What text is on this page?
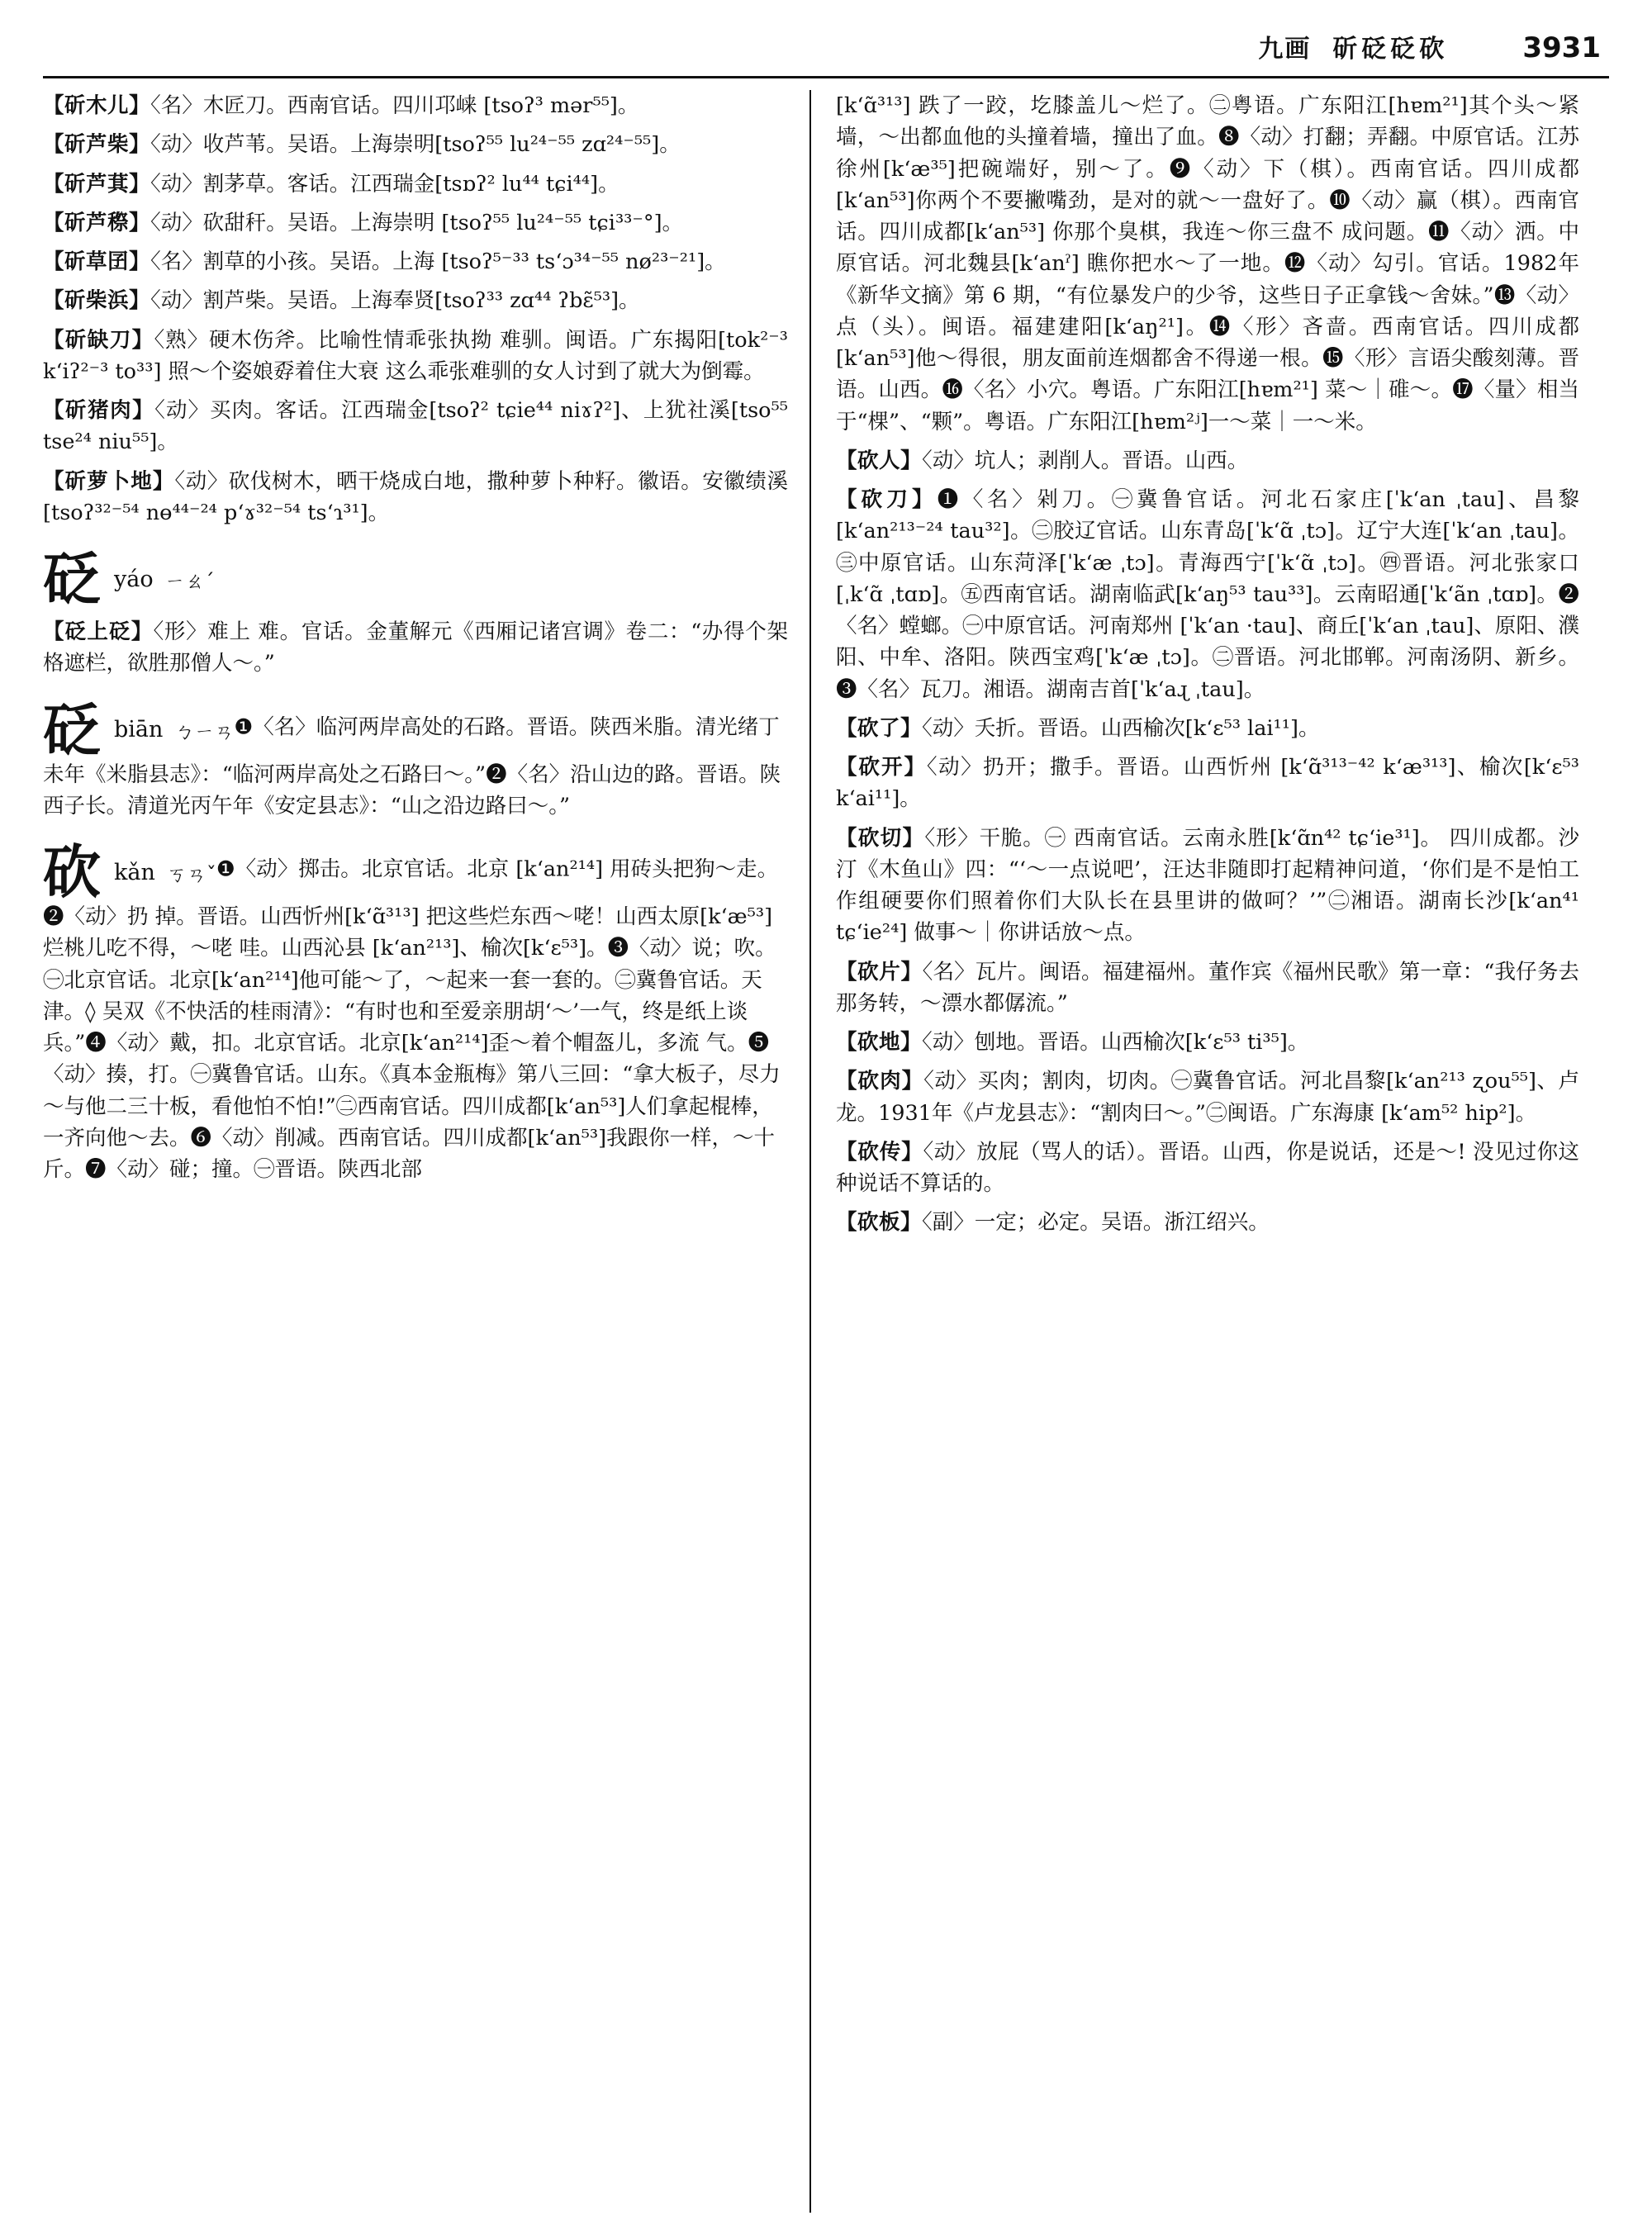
九画 斫砭砭砍	3931
【斫木儿】〈名〉木匠刀。西南官话。四川邛崃 [tsoʔ³ mər⁵⁵]。
【斫芦柴】〈动〉收芦苇。吴语。上海崇明[tsoʔ⁵⁵ lu²⁴⁻⁵⁵ zɑ²⁴⁻⁵⁵]。
【斫芦萁】〈动〉割茅草。客话。江西瑞金[tsɒʔ² lu⁴⁴ tɕi⁴⁴]。
【斫芦穄】〈动〉砍甜秆。吴语。上海崇明 [tsoʔ⁵⁵ lu²⁴⁻⁵⁵ tɕi³³⁻°]。
【斫草囝】〈名〉割草的小孩。吴语。上海 [tsoʔ⁵⁻³³ tsʻɔ³⁴⁻⁵⁵ nø²³⁻²¹]。
【斫柴浜】〈动〉割芦柴。吴语。上海奉贤[tsoʔ³³ zɑ⁴⁴ ʔbɛ̃⁵³]。
【斫缺刀】〈熟〉硬木伤斧。比喻性情乖张执拗 难驯。闽语。广东揭阳[tok²⁻³ kʻiʔ²⁻³ to³³] 照～个姿娘孬着住大衰 这么乖张难驯的女人讨到了就大为倒霉。
【斫猪肉】〈动〉买肉。客话。江西瑞金[tsoʔ² tɕie⁴⁴ niɤʔ²]、上犹社溪[tso⁵⁵ tse²⁴ niu⁵⁵]。
【斫萝卜地】〈动〉砍伐树木，晒干烧成白地，撒种萝卜种籽。徽语。安徽绩溪[tsoʔ³²⁻⁵⁴ nɵ⁴⁴⁻²⁴ pʻɤ³²⁻⁵⁴ tsʻɿ³¹]。
砭yáo ㄧㄠˊ
【砭上砭】〈形〉难上 难。官话。金董解元《西厢记诸宫调》卷二：“办得个架格遮栏，欲胜那僧人～。”
砭biān ㄅㄧㄢ❶〈名〉临河两岸高处的石路。晋语。陕西米脂。清光绪丁未年《米脂县志》：“临河两岸高处之石路曰～。”❷〈名〉沿山边的路。晋语。陕西子长。清道光丙午年《安定县志》：“山之沿边路曰～。”
砍kǎn ㄎㄢˇ❶〈动〉掷击。北京官话。北京 [kʻan²¹⁴] 用砖头把狗～走。❷〈动〉扔 掉。晋语。山西忻州[kʻɑ̃³¹³] 把这些烂东西～咾！山西太原[kʻæ⁵³] 烂桃儿吃不得，～咾 哇。山西沁县 [kʻan²¹³]、榆次[kʻɛ⁵³]。❸〈动〉说；吹。㊀北京官话。北京[kʻan²¹⁴]他可能～了，～起来一套一套的。㊁冀鲁官话。天津。◊ 吴双《不快活的桂雨清》：“有时也和至爱亲朋胡‘～’一气，终是纸上谈兵。”❹〈动〉戴，扣。北京官话。北京[kʻan²¹⁴]歪～着个帽盔儿，多流 气。❺〈动〉揍，打。㊀冀鲁官话。山东。《真本金瓶梅》第八三回：“拿大板子，尽力～与他二三十板，看他怕不怕!”㊁西南官话。四川成都[kʻan⁵³]人们拿起棍棒，一齐向他～去。❻〈动〉削减。西南官话。四川成都[kʻan⁵³]我跟你一样，～十斤。❼〈动〉碰；撞。㊀晋语。陕西北部
[kʻɑ̃³¹³] 跌了一跤，圪膝盖儿～烂了。㊁粤语。广东阳江[hɐm²¹]其个头～紧墙，～出都血他的头撞着墙，撞出了血。❽〈动〉打翻；弄翻。中原官话。江苏徐州[kʻæ³⁵]把碗端好，别～了。❾〈动〉下（棋）。西南官话。四川成都[kʻan⁵³]你两个不要撇嘴劲，是对的就～一盘好了。❿〈动〉赢（棋）。西南官话。四川成都[kʻan⁵³] 你那个臭棋，我连～你三盘不 成问题。⓫〈动〉洒。中原官话。河北魏县[kʻanˀ] 瞧你把水～了一地。⓬〈动〉勾引。官话。1982年《新华文摘》第 6 期，“有位暴发户的少爷，这些日子正拿钱～舍妹。”⓭〈动〉点（头）。闽语。福建建阳[kʻaŋ²¹]。⓮〈形〉吝啬。西南官话。四川成都[kʻan⁵³]他～得很，朋友面前连烟都舍不得递一根。⓯〈形〉言语尖酸刻薄。晋语。山西。⓰〈名〉小穴。粤语。广东阳江[hɐm²¹] 菜～｜碓～。⓱〈量〉相当于“棵”、“颗”。粤语。广东阳江[hɐm²ʲ]一～菜｜一～米。
【砍人】〈动〉坑人；剥削人。晋语。山西。
【砍刀】❶〈名〉剁刀。㊀冀鲁官话。河北石家庄[ˈkʻan ˌtau]、昌黎[kʻan²¹³⁻²⁴ tau³²]。㊁胶辽官话。山东青岛[ˈkʻɑ̃ ˌtɔ]。辽宁大连[ˈkʻan ˌtau]。㊂中原官话。山东菏泽[ˈkʻæ ˌtɔ]。青海西宁[ˈkʻɑ̃ ˌtɔ]。㊃晋语。河北张家口[ˌkʻɑ̃ ˌtɑɒ]。㊄西南官话。湖南临武[kʻaŋ⁵³ tau³³]。云南昭通[ˈkʻãn ˌtɑɒ]。❷〈名〉螳螂。㊀中原官话。河南郑州 [ˈkʻan ·tau]、商丘[ˈkʻan ˌtau]、原阳、濮阳、中牟、洛阳。陕西宝鸡[ˈkʻæ ˌtɔ]。㊁晋语。河北邯郸。河南汤阴、新乡。❸〈名〉瓦刀。湘语。湖南吉首[ˈkʻaɻ ˌtau]。
【砍了】〈动〉夭折。晋语。山西榆次[kʻɛ⁵³ lai¹¹]。
【砍开】〈动〉扔开；撒手。晋语。山西忻州 [kʻɑ̃³¹³⁻⁴² kʻæ³¹³]、榆次[kʻɛ⁵³ kʻai¹¹]。
【砍切】〈形〉干脆。㊀ 西南官话。云南永胜[kʻɑ̃n⁴² tɕʻie³¹]。 四川成都。沙汀《木鱼山》四：“‘～一点说吧’，汪达非随即打起精神问道，‘你们是不是怕工作组硬要你们照着你们大队长在县里讲的做呵？’”㊁湘语。湖南长沙[kʻan⁴¹ tɕʻie²⁴] 做事～｜你讲话放～点。
【砍片】〈名〉瓦片。闽语。福建福州。董作宾《福州民歌》第一章：“我仔务去那务转，～漂水都僝流。”
【砍地】〈动〉刨地。晋语。山西榆次[kʻɛ⁵³ ti³⁵]。
【砍肉】〈动〉买肉；割肉，切肉。㊀冀鲁官话。河北昌黎[kʻan²¹³ ʐou⁵⁵]、卢龙。1931年《卢龙县志》：“割肉曰～。”㊁闽语。广东海康 [kʻam⁵² hip²]。
【砍传】〈动〉放屁（骂人的话）。晋语。山西，你是说话，还是～! 没见过你这种说话不算话的。
【砍板】〈副〉一定；必定。吴语。浙江绍兴。
